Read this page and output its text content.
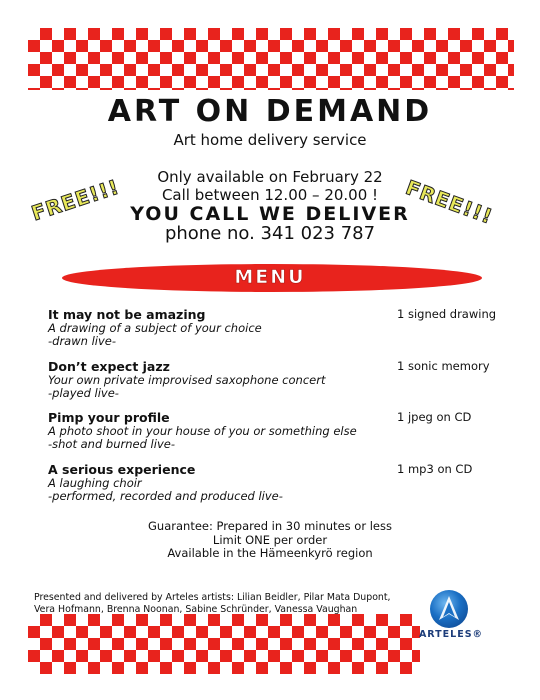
ART ON DEMAND
Art home delivery service
FREE!!!	FREE!!!
Only available on February 22
Call between 12.00 – 20.00 !
YOU CALL WE DELIVER
phone no. 341 023 787
MENU
It may not be amazing
A drawing of a subject of your choice
-drawn live-
1 signed drawing
Don’t expect jazz
Your own private improvised saxophone concert
-played live-
1 sonic memory
Pimp your profile
A photo shoot in your house of you or something else
-shot and burned live-
1 jpeg on CD
A serious experience
A laughing choir
-performed, recorded and produced live-
1 mp3 on CD
Guarantee: Prepared in 30 minutes or less
Limit ONE per order
Available in the Hämeenkyrö region
Presented and delivered by Arteles artists: Lilian Beidler, Pilar Mata Dupont,
Vera Hofmann, Brenna Noonan, Sabine Schründer, Vanessa Vaughan
ARTELES®
